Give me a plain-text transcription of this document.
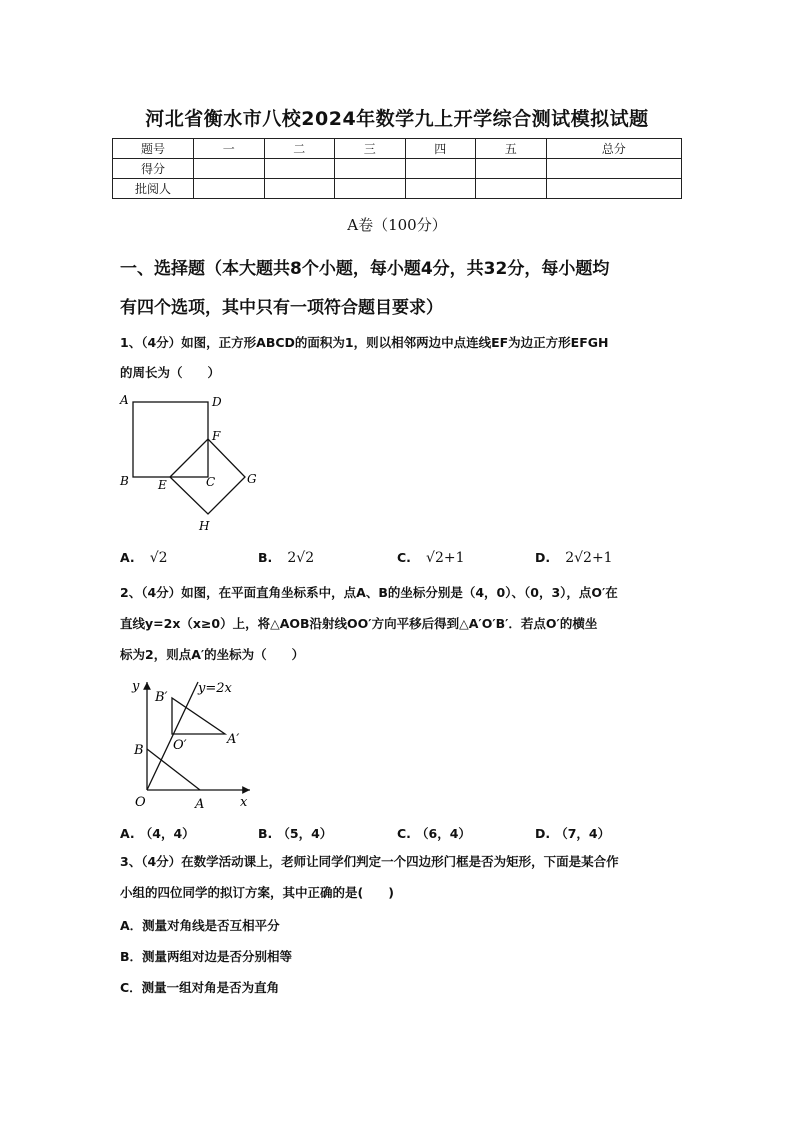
河北省衡水市八校2024年数学九上开学综合测试模拟试题
题号	一	二	三	四	五	总分
得分						
批阅人						
A卷（100分）
一、选择题（本大题共8个小题，每小题4分，共32分，每小题均
有四个选项，其中只有一项符合题目要求）
1、（4分）如图，正方形ABCD的面积为1，则以相邻两边中点连线EF为边正方形EFGH
的周长为（　　）
A	D
F
B E	C	G
H
A. √2	B. 2√2	C. √2+1	D. 2√2+1
2、（4分）如图，在平面直角坐标系中，点A、B的坐标分别是（4，0）、（0，3），点O′在
直线y=2x（x≥0）上，将△AOB沿射线OO′方向平移后得到△A′O′B′．若点O′的横坐
标为2，则点A′的坐标为（　　）
y
x
O	A
B
B′
O′	A′
y=2x
A. （4，4）	B. （5，4）	C. （6，4）	D. （7，4）
3、（4分）在数学活动课上，老师让同学们判定一个四边形门框是否为矩形，下面是某合作
小组的四位同学的拟订方案，其中正确的是(　　)
A．测量对角线是否互相平分
B．测量两组对边是否分别相等
C．测量一组对角是否为直角
